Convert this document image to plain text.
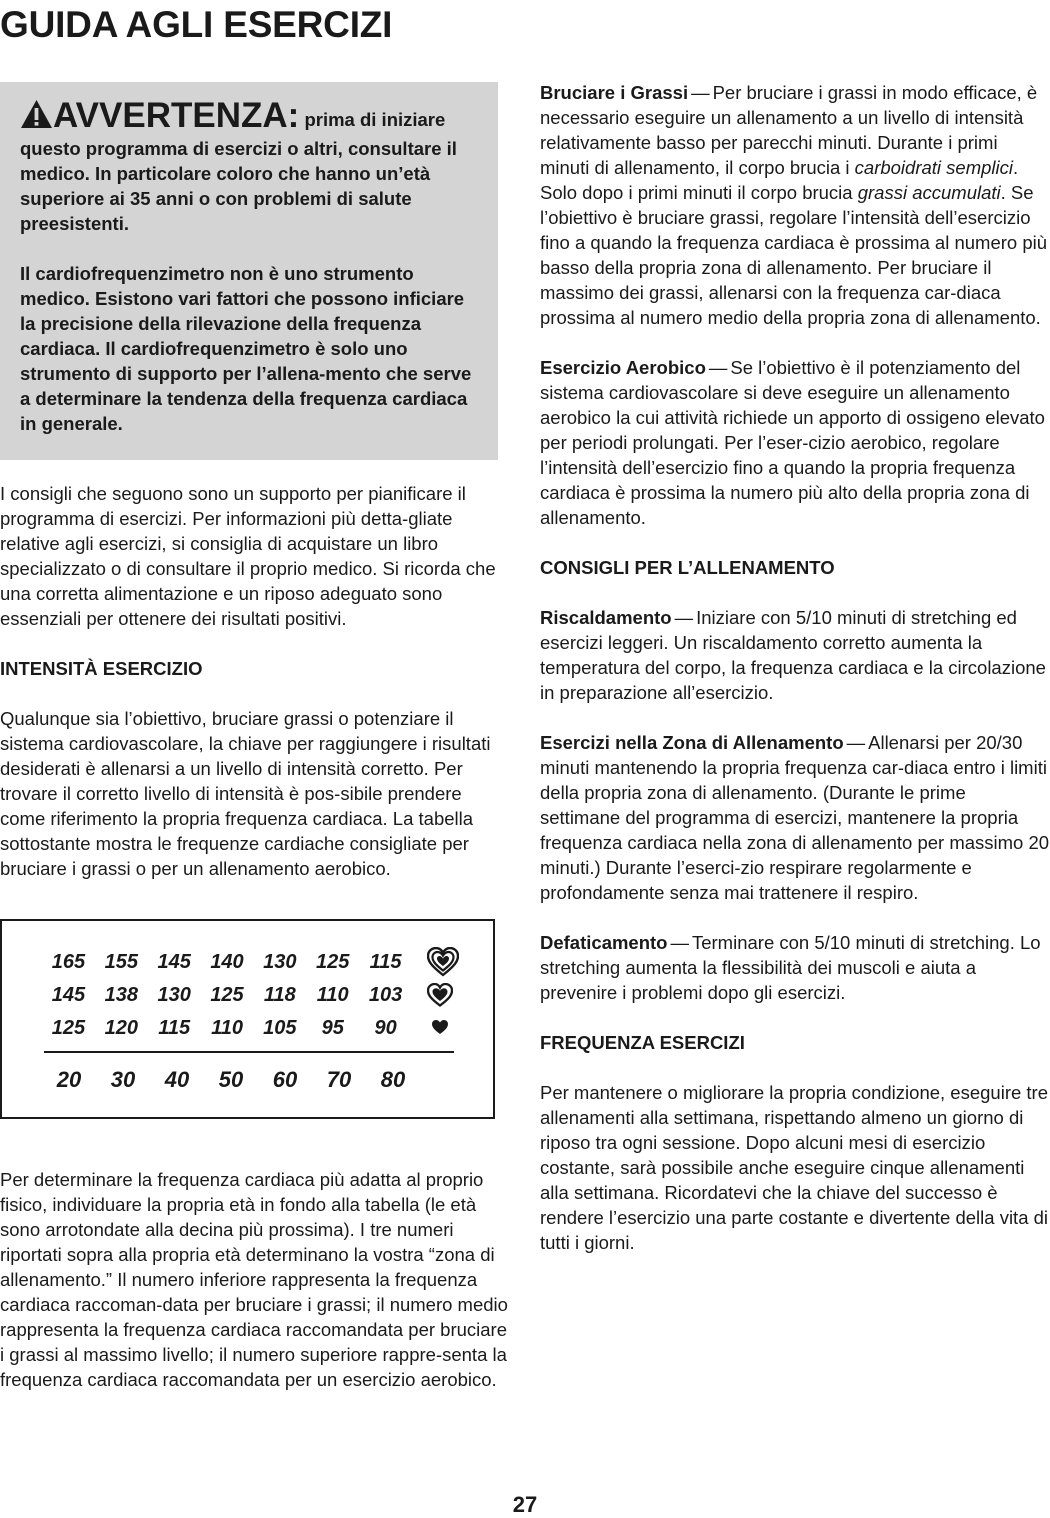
GUIDA AGLI ESERCIZI

AVVERTENZA: prima di iniziare questo programma di esercizi o altri, consultare il medico. In particolare coloro che hanno un’età superiore ai 35 anni o con problemi di salute preesistenti.

Il cardiofrequenzimetro non è uno strumento medico. Esistono vari fattori che possono inficiare la precisione della rilevazione della frequenza cardiaca. Il cardiofrequenzimetro è solo uno strumento di supporto per l’allena-mento che serve a determinare la tendenza della frequenza cardiaca in generale.

I consigli che seguono sono un supporto per pianificare il programma di esercizi. Per informazioni più detta-gliate relative agli esercizi, si consiglia di acquistare un libro specializzato o di consultare il proprio medico. Si ricorda che una corretta alimentazione e un riposo adeguato sono essenziali per ottenere dei risultati positivi.

INTENSITÀ ESERCIZIO

Qualunque sia l’obiettivo, bruciare grassi o potenziare il sistema cardiovascolare, la chiave per raggiungere i risultati desiderati è allenarsi a un livello di intensità corretto. Per trovare il corretto livello di intensità è pos-sibile prendere come riferimento la propria frequenza cardiaca. La tabella sottostante mostra le frequenze cardiache consigliate per bruciare i grassi o per un allenamento aerobico.

165 155 145 140 130 125	115
145 138 130 125	118	110	103
125 120	115	110	105	95	90
20	30	40	50	60	70	80

Per determinare la frequenza cardiaca più adatta al proprio fisico, individuare la propria età in fondo alla tabella (le età sono arrotondate alla decina più prossima). I tre numeri riportati sopra alla propria età determinano la vostra “zona di allenamento.” Il numero inferiore rappresenta la frequenza cardiaca raccoman-data per bruciare i grassi; il numero medio rappresenta la frequenza cardiaca raccomandata per bruciare i grassi al massimo livello; il numero superiore rappre-senta la frequenza cardiaca raccomandata per un esercizio aerobico.

Bruciare i Grassi — Per bruciare i grassi in modo efficace, è necessario eseguire un allenamento a un livello di intensità relativamente basso per parecchi minuti. Durante i primi minuti di allenamento, il corpo brucia i carboidrati semplici. Solo dopo i primi minuti il corpo brucia grassi accumulati. Se l’obiettivo è bruciare grassi, regolare l’intensità dell’esercizio fino a quando la frequenza cardiaca è prossima al numero più basso della propria zona di allenamento. Per bruciare il massimo dei grassi, allenarsi con la frequenza car-diaca prossima al numero medio della propria zona di allenamento.

Esercizio Aerobico — Se l’obiettivo è il potenziamento del sistema cardiovascolare si deve eseguire un allenamento aerobico la cui attività richiede un apporto di ossigeno elevato per periodi prolungati. Per l’eser-cizio aerobico, regolare l’intensità dell’esercizio fino a quando la propria frequenza cardiaca è prossima la numero più alto della propria zona di allenamento.

CONSIGLI PER L’ALLENAMENTO

Riscaldamento — Iniziare con 5/10 minuti di stretching ed esercizi leggeri. Un riscaldamento corretto aumenta la temperatura del corpo, la frequenza cardiaca e la circolazione in preparazione all’esercizio.

Esercizi nella Zona di Allenamento — Allenarsi per 20/30 minuti mantenendo la propria frequenza car-diaca entro i limiti della propria zona di allenamento. (Durante le prime settimane del programma di esercizi, mantenere la propria frequenza cardiaca nella zona di allenamento per massimo 20 minuti.) Durante l’eserci-zio respirare regolarmente e profondamente senza mai trattenere il respiro.

Defaticamento — Terminare con 5/10 minuti di stretching. Lo stretching aumenta la flessibilità dei muscoli e aiuta a prevenire i problemi dopo gli esercizi.

FREQUENZA ESERCIZI

Per mantenere o migliorare la propria condizione, eseguire tre allenamenti alla settimana, rispettando almeno un giorno di riposo tra ogni sessione. Dopo alcuni mesi di esercizio costante, sarà possibile anche eseguire cinque allenamenti alla settimana. Ricordatevi che la chiave del successo è rendere l’esercizio una parte costante e divertente della vita di tutti i giorni.

27
